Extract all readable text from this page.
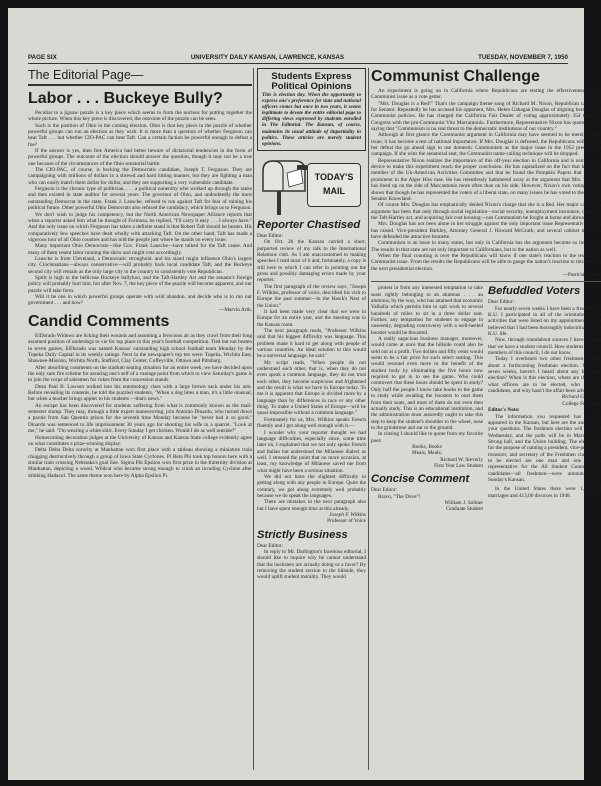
PAGE SIX	UNIVERSITY DAILY KANSAN, LAWRENCE, KANSAS	TUESDAY, NOVEMBER 7, 1950
The Editorial Page—
Labor . . . Buckeye Bully?

Peculiar to a jigsaw puzzle is a key piece which seems to form the nucleus for putting together the whole picture. When this key piece is discovered, the outcome of the puzzle can be seen.

Such is the position of Ohio in the coming election. Ohio is that key piece in the puzzle of whether powerful groups can run an election as they wish. It is more than a question of whether Ferguson can beat Taft . . . but whether CIO-PAC can beat Taft. Can a certain faction be powerful enough to defeat a foe?

If the answer is yes, then free America had better beware of dictatorial tendencies in the form of powerful groups. The outcome of the election should answer the question, though it may not be a true one because of the circumstances of the Ohio senatorial battle.

The CIO-PAC, of course, is backing the Democratic candidate, Joseph T. Ferguson. They are campaigning with millions of dollars in a shrewd and hard hitting manner, but they are fighting a man who can easily match them dollar for dollar, and they are supporting a very vulnerable candidate.

Ferguson is the chronic type of politician, . . . a political nonentity who worked up through the ranks and then existed in state auditor for several years. The governor of Ohio, and undoubtedly the most outstanding Democrat in the state, Frank J. Lausche, refused to run against Taft for fear of ruining his political future. Other powerful Ohio Democrats also refused the candidacy, which brings us to Ferguson.

We don't wish to judge his competency, but the North American Newspaper Alliance reports that when a reporter asked him what he thought of Formosa, he replied, "I'll carry it easy . . . I always have." And the only issue on which Ferguson has taken a definite stand is that Robert Taft should be beaten. His comparatively few speeches have dealt wholly with attacking Taft. On the other hand, Taft has made a vigorous tour of all Ohio counties and has told the people just where he stands on every issue.

Many important Ohio Democrats—like Gov. Frank Lausche—have talked for the Taft cause. And many of them resent labor running the show and might vote accordingly.

Lausche is from Cleveland, a Democratic stronghold, and his stand might influence Ohio's largest city. Cincinnatians—always conservative—will probably back local candidate Taft, and the Buckeye second city will remain as the only large city in the country to consistently vote Republican.

Spirit is high in the bellicose Buckeye ballyhoo, and the Taft-Hartley Act and the senator's foreign policy will probably hurt him, but after Nov. 7, the key piece of the puzzle will become apparent, and our puzzle will take form.

Will it be one in which powerful groups operate with wild abandon, and decide who is to run our government . . . and how?

—Marvin Arth.
Candid Comments

ElDorado Widows are licking their wounds and assuming a ferocious air as they crawl from their long assumed position of underdogs to vie for top place in this year's football competition. Tied but not beaten in seven games, ElDorado was named Kansas' outstanding high school football team Monday by the Topeka Daily Capital in its weekly ratings. Next in the newspaper's top ten were: Topeka, Wichita East, Shawnee-Mission, Wichita North, Stafford, Clay Center, Coffeyville, Ottawa and Pittsburg.

After absorbing comments on the stadium seating situation for an entire week, we have decided upon the only sure fire scheme for assuring one's self of a vantage point from which to view Saturday's game is to join the corps of salesmen for cokes from the concession stands.

Dean Paul B. Lawson walked into his entomology class with a large brown sack under his arm. Before revealing its contents, he told the puzzled students, "When a dog bites a man, it's a little unusual, but when a teacher brings apples to his students —that's news."

An escape has been discovered for students suffering from what is commonly known as the mail-semester slump. They may, through a little expert maneuvering, join Antonio Dinardo, who turned down a parole from San Quentin prison for the seventh time Monday because he "never had it so good." Dinardo was sentenced to life imprisonment 30 years ago for shooting his wife in a quarrel. "Look at me," he said. "I'm wearing a white shirt. Every Sunday I get chicken. Would I do as well outside?"

Homecoming decoration judges at the University of Kansas and Kansas State college evidently agree on what constitutes a prize-winning display.

Delta Delta Delta sorority at Manhattan won first place with a tableau showing a miniature train chugging destructively through a group of Iowa State Cyclones. Pi Beta Phi took top honors here with a similar train crossing Nebraska's goal line. Sigma Phi Epsilon won first prize in the fraternity division at Manhattan, depicting a wood, Wildcat who became strong enough to crush an invading Cyclone after drinking Hadacol. The same theme won here by Alpha Epsilon Pi.

Students Express Political Opinions

This is election day. When the opportunity to express one's preference for state and national officers comes but once in two years, it seems legitimate to devote the entire editorial page to differing views expressed by students enrolled in The Editorial. The Kansan, of course, maintains its usual attitude of impartiality in politics. These articles are merely student opinions.

TODAY'S MAIL
Reporter Chastised

Dear Editor:

On Oct. 26 the Kansan carried a short, purported review of my talk to the International Relations club. As I am unaccustomed to making speeches I read most of it and, fortunately, a copy is still here to which I can refer in pointing out the gross and possibly damaging errors made by your reporter.

The first paragraph of the review says, "Joseph F. Wilkins, professor of voice, described his visit to Europe the past summer—in the Hawk's Nest of the Union."

It had been made very clear that we were in Europe for an entire year, and the meeting was in the Kansas room.

The next paragraph reads, "Professor Wilkins said that his biggest difficulty was language. This problem made it hard to get along with people of various countries. An ideal solution to this would be a universal language, he said."

My script reads, "When people do not understand each other, that is, when they do not even speak a common language, they do not trust each other, they become suspicious and frightened and the result is what we have in Europe today. To me it is apparent that Europe is divided more by a language than by differences in race or any other thing. To make a United States of Europe—will be quasi-impossible without a common language."

Fortunately for us, Mrs. Wilkins speaks French fluently and I get along well enough with it.—

I wonder why your reporter thought we had language difficulties, especially since, some time later on, I explained that we not only spoke French and Italian but understood the Milanese dialect as well. I stressed the point that on more occasion, at least, my knowledge of Milanese saved me from what might have been a serious situation.

We did not have the slightest difficulty in getting along with any people in Europe. Quite the contrary, we got along extremely well probably because we do speak the languages.

There are mistakes in the next paragraph also but I have spent enough time at this already.

Joseph F. Wilkins
Professor of Voice
Strictly Business

Dear Editor:

In reply to Mr. Darlington's facetious editorial, I should like to inquire why he cannot understand that the hucksters are actually doing us a favor? By removing the student section to the hillside, they would uplift student morality. They would

Communist Challenge

An experiment is going on in California where Republicans are testing the effectiveness of the Communist issue as a vote getter.

"Mrs. Douglas is a Red!" That's the campaign theme song of Richard M. Nixon, Republican candidate for Senator. Repeatedly he has accused his opponent, Mrs. Helen Gahagan Douglas of aligning herself with Communist policies. He has charged the California Fair Dealer of voting approximately 354 times in Congress with the pro-Communist Vito Marcantonio. Furthermore, Representative Nixon has quoted her as saying that "Communism is no real threat to the democratic institutions of our country."

Although at first glance the Communist argument in California may have seemed to be merely a side issue, it has become a test of national importance. If Mrs. Douglas is defeated, the Republicans will read in her defeat the go ahead sign to use domestic Communism as the major issue in the 1952 presidential campaign. If she wins the senatorial seat, the Communist name-calling technique will be dropped.

Representative Nixon realizes the importance of this off-year election in California and is using every device to make this experiment reach the proper conclusion. He has capitalized on the fact that he was a member of the Un-American Activities Committee and that he found the Pumpkin Papers that were so prominent in the Alger Hiss case. He has relentlessly hammered away at the argument that Mrs. Douglas has lined up on the side of Marcantonio more often than on his side. However, Nixon's own voting record shows that though he has represented the voters of a liberal state, on many issues he has voted to the right of Senator Knowland.

Of course Mrs. Douglas has emphatically denied Nixon's charge that she is a Red. Her major campaign argument has been that only through social legislation—social security, unemployment insurance, defeat of the Taft-Hartley act, and acquiring fair cost housing—can Communism be fought at home and abroad.

Mrs. Douglas has not been alone in her struggle against the only important issue Representative Nixon has raised. Vice-president Barkley, Attorney General J. Howard McGrath, and several cabinet members have defended the attractive brunette.

Communism is an issue in many states, but only in California has the argument become so important. The results in that state are not only important to Californians, but to the nation as well.

When the final counting is over the Republicans will know if one state's reaction to the test of the Communist issue. From the results the Republicans will be able to gauge the nation's reaction to this issue in the next presidential election.

—Patricia Jansen.

protest in from any interested temptation to take seats rightly belonging to an alumnus . . . an alumnus, by the way, who has attained that economic Valhalla which permits him to spit work to several hundreds of miles to sit in a three dollar seat. Further, any temptation for students to engage in unseemly, degrading controversy with a well-heeled booster would be thwarted.

A really sagacious business manager, moreover, would come at once that the hillside could also be sold out at a profit. Two dollars and fifty cents would seem to be a fair price for such select seating. This would resound even more to the benefit of the student body by eliminating the five hours now required to get in to see the game. Who could controvert that these hours should be spent in study? Only half the people I know take books to the game to study while awaiting the boosters to oust them from their seats, and most of them do not even then actually study. This is an educational institution, and the administration must assuredly ought to take this step to keep the student's shoulder to the wheel, nose to the grindstone and ear to the ground.

In closing I should like to quote from my favorite poet:

Books, Books
Meals, Meals;
Richard W. Steverly
First Year Law Student
Concise Comment

Dear Editor:

Bravo, "The Dove"!

William J. Sollner
Graduate Student
Befuddled Voters

Dear Editor:

For nearly seven weeks I have been a freshman at K.U. I participated in all of the orientation week activities that were listed on my appointment card. I believed that I had been thoroughly indoctrinated into K.U. life.

Now, through roundabout sources I have learned that we have a student council. How students become members of this council, I do not know.

Today I overheard two other freshmen talking about a forthcoming freshman election. Why, in seven weeks, haven't I heard about any freshman election? When is this election, where are the polls, what officers are to be elected, who are the candidates, and why hasn't the affair been advertised?

Richard G. Coffelt
College Freshman

Editor's Note:

The information you requested has already appeared in the Kansan, but here are the answers to your questions. The freshmen election will be held Wednesday, and the polls will be in Marvin hall, Strong hall, and the Union building. The election is for the purpose of naming a president, vice-president, treasurer, and secretary of the Freshmen class. Also to be elected are one man and one woman representative for the All Student Council. The candidates—all freshmen—were announced in Sunday's Kansan.

In the United States there were 1,833,000 marriages and 413,00 divorces in 1948.
